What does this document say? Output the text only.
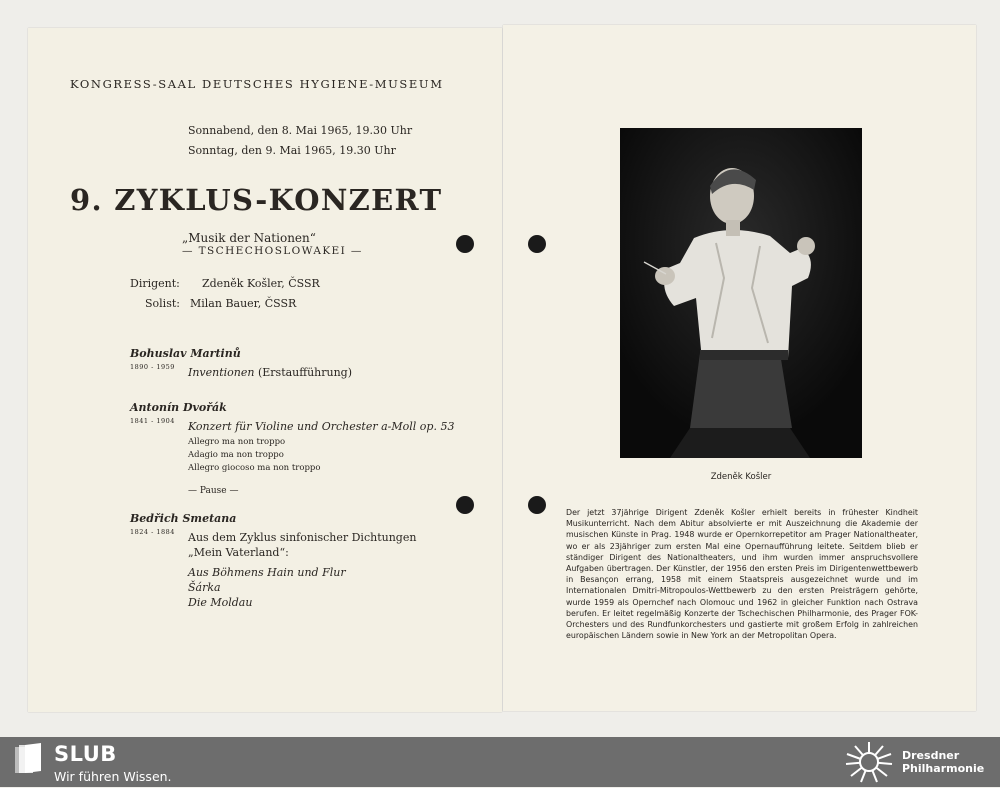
KONGRESS-SAAL DEUTSCHES HYGIENE-MUSEUM
Sonnabend, den 8. Mai 1965, 19.30 Uhr
Sonntag, den 9. Mai 1965, 19.30 Uhr
9. ZYKLUS-KONZERT
„Musik der Nationen“
— TSCHECHOSLOWAKEI —
Dirigent: Zdeněk Košler, ČSSR
Solist: Milan Bauer, ČSSR
Bohuslav Martinů
1890 - 1959 Inventionen (Erstaufführung)
Antonín Dvořák
1841 - 1904 Konzert für Violine und Orchester a-Moll op. 53
Allegro ma non troppo
Adagio ma non troppo
Allegro giocoso ma non troppo
— Pause —
Bedřich Smetana
1824 - 1884 Aus dem Zyklus sinfonischer Dichtungen
„Mein Vaterland“:
Aus Böhmens Hain und Flur
Šárka
Die Moldau
Zdeněk Košler
Der jetzt 37jährige Dirigent Zdeněk Košler erhielt bereits in frühester Kindheit Musikunterricht. Nach dem Abitur absolvierte er mit Auszeichnung die Akademie der musischen Künste in Prag. 1948 wurde er Opernkorrepetitor am Prager Nationaltheater, wo er als 23jähriger zum ersten Mal eine Opernaufführung leitete. Seitdem blieb er ständiger Dirigent des Nationaltheaters, und ihm wurden immer anspruchsvollere Aufgaben übertragen. Der Künstler, der 1956 den ersten Preis im Dirigentenwettbewerb in Besançon errang, 1958 mit einem Staatspreis ausgezeichnet wurde und im Internationalen Dmitri-Mitropoulos-Wettbewerb zu den ersten Preisträgern gehörte, wurde 1959 als Opernchef nach Olomouc und 1962 in gleicher Funktion nach Ostrava berufen. Er leitet regelmäßig Konzerte der Tschechischen Philharmonie, des Prager FOK-Orchesters und des Rundfunkorchesters und gastierte mit großem Erfolg in zahlreichen europäischen Ländern sowie in New York an der Metropolitan Opera.
SLUB
Wir führen Wissen.
Dresdner
Philharmonie
